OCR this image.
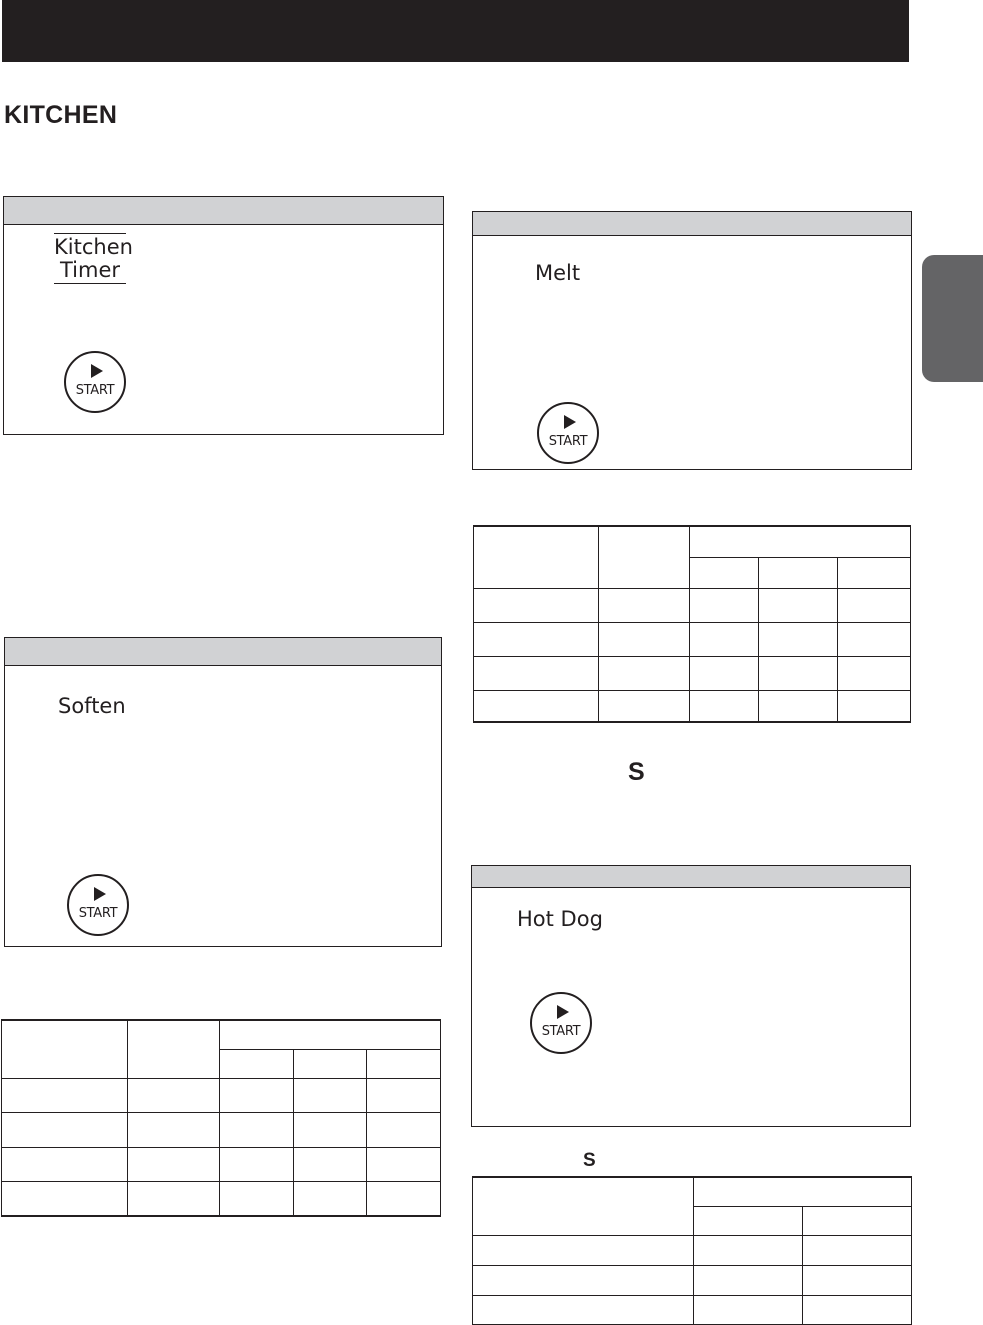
KITCHEN
Kitchen
Timer
START
Soften
START

Melt
START

S
Hot Dog
START
S
